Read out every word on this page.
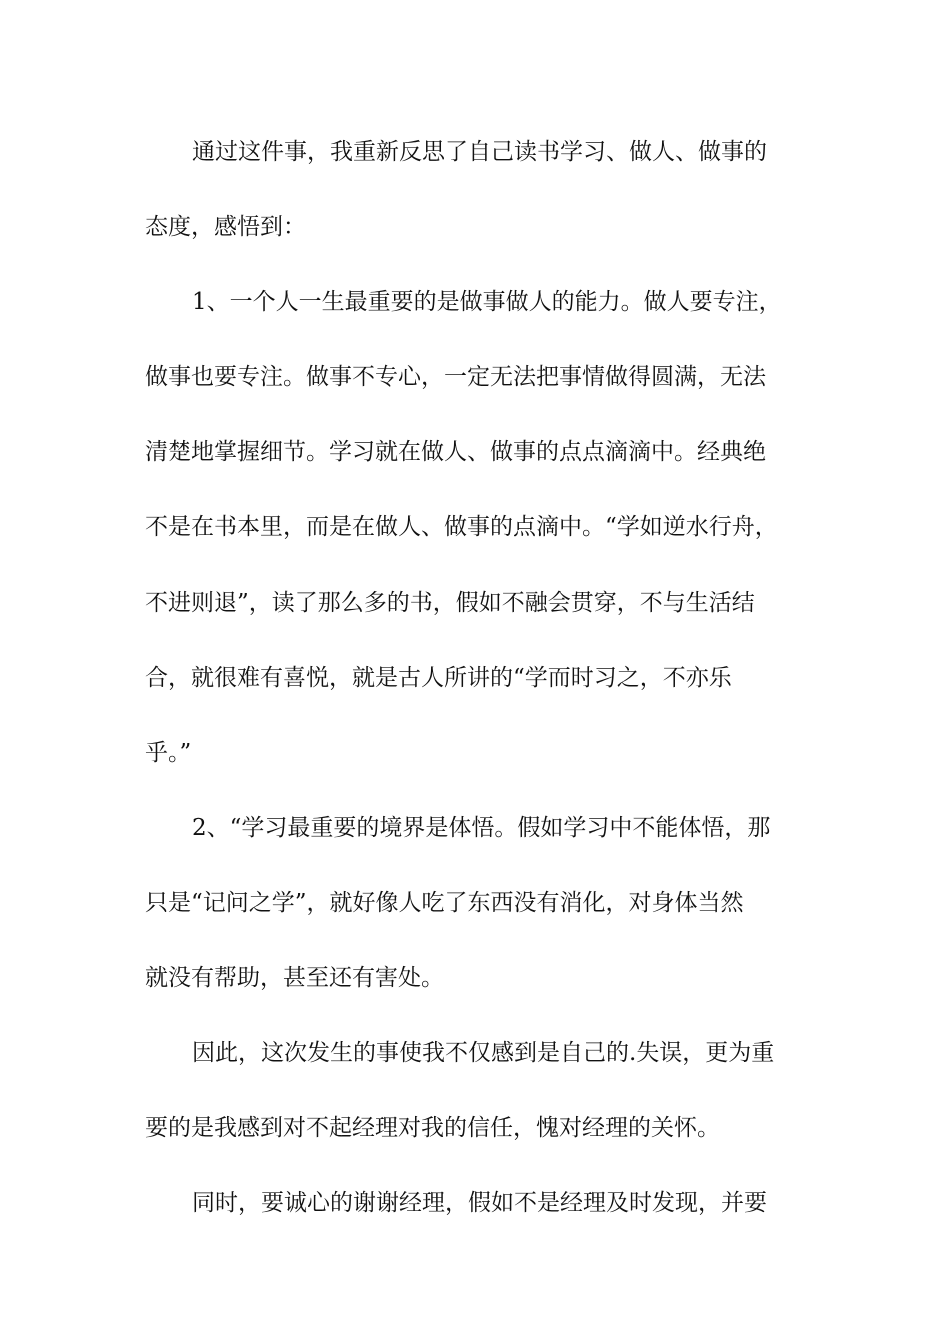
通过这件事，我重新反思了自己读书学习、做人、做事的
态度，感悟到：
1、一个人一生最重要的是做事做人的能力。做人要专注，
做事也要专注。做事不专心，一定无法把事情做得圆满，无法
清楚地掌握细节。学习就在做人、做事的点点滴滴中。经典绝
不是在书本里，而是在做人、做事的点滴中。“学如逆水行舟，
不进则退”，读了那么多的书，假如不融会贯穿，不与生活结
合，就很难有喜悦，就是古人所讲的“学而时习之，不亦乐
乎。”
2、“学习最重要的境界是体悟。假如学习中不能体悟，那
只是“记问之学”，就好像人吃了东西没有消化，对身体当然
就没有帮助，甚至还有害处。
因此，这次发生的事使我不仅感到是自己的.失误，更为重
要的是我感到对不起经理对我的信任，愧对经理的关怀。
同时，要诚心的谢谢经理，假如不是经理及时发现，并要
